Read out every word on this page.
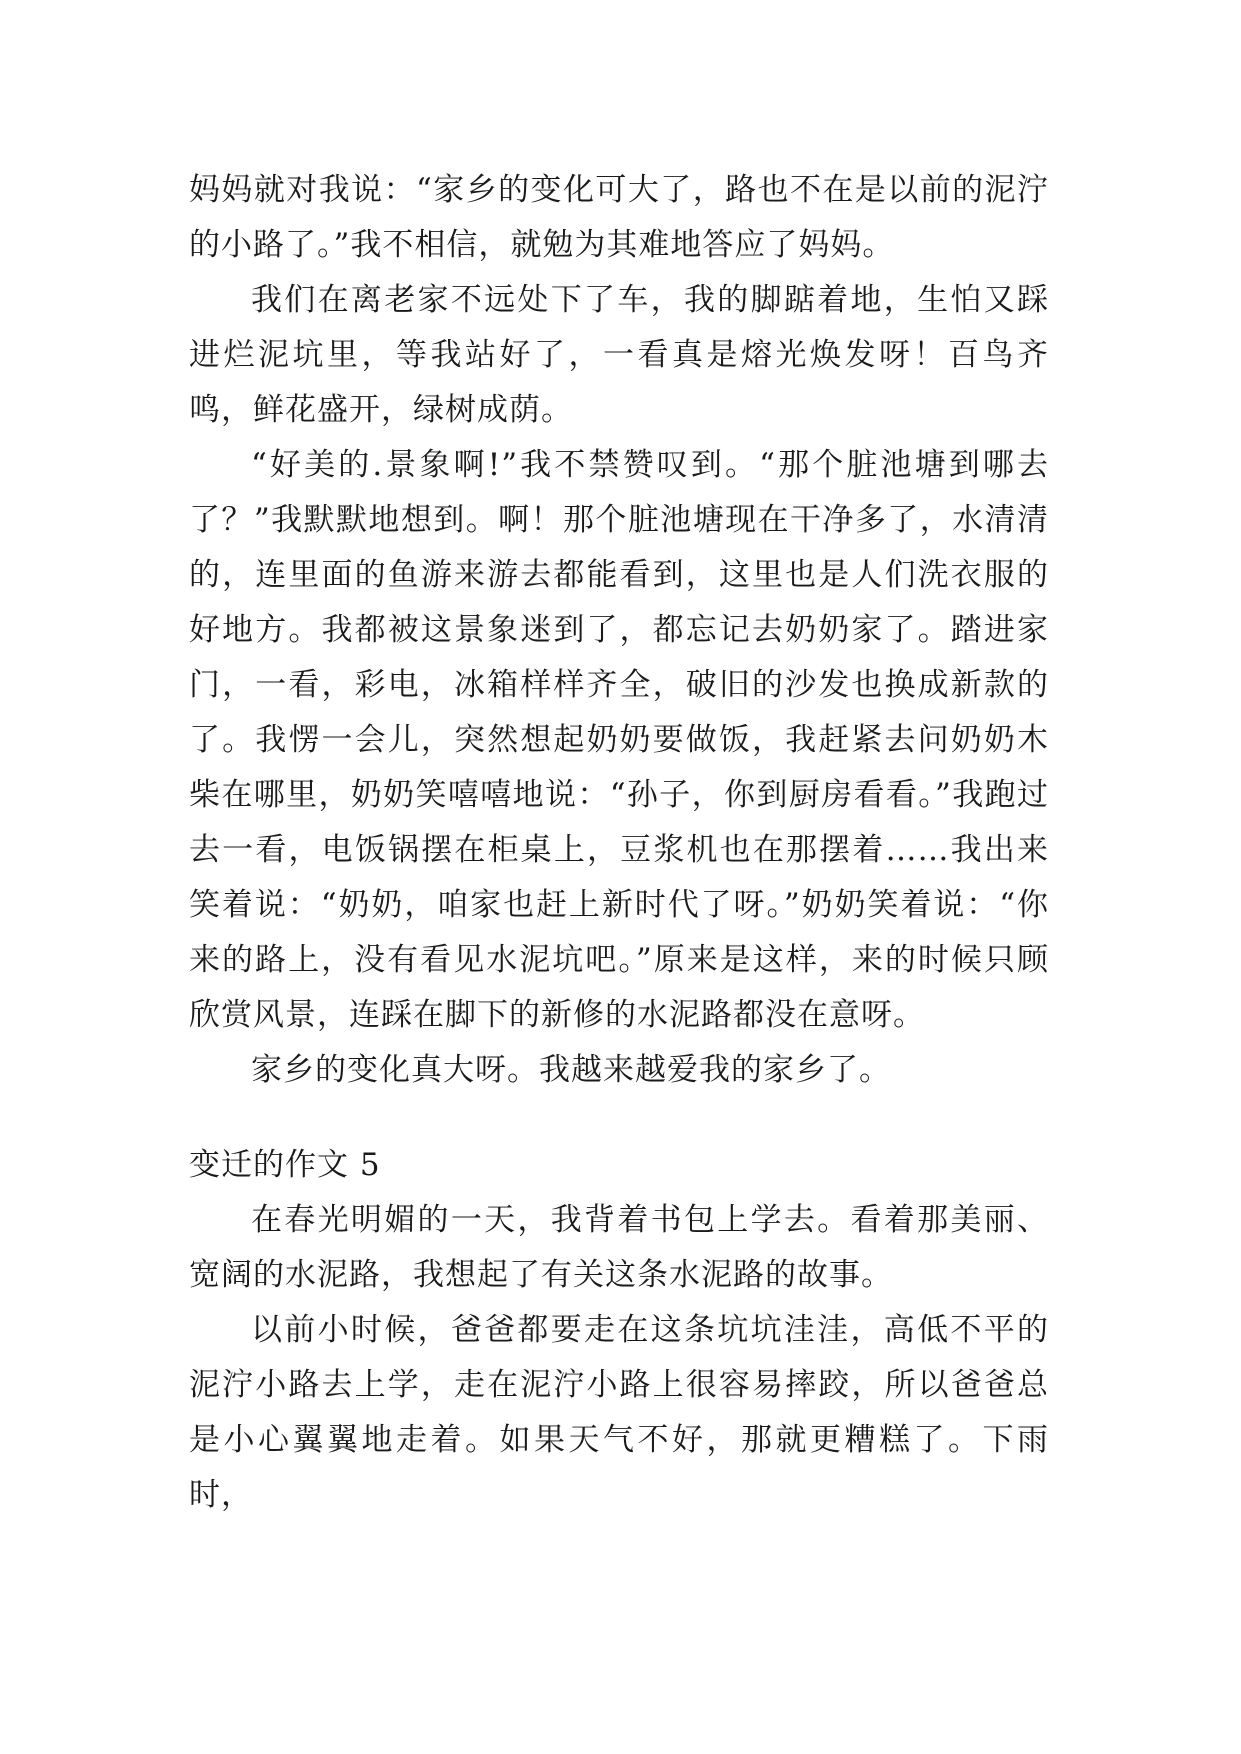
妈妈就对我说：“家乡的变化可大了，路也不在是以前的泥泞的小路了。”我不相信，就勉为其难地答应了妈妈。

我们在离老家不远处下了车，我的脚踮着地，生怕又踩进烂泥坑里，等我站好了，一看真是熔光焕发呀！百鸟齐鸣，鲜花盛开，绿树成荫。

“好美的.景象啊!”我不禁赞叹到。“那个脏池塘到哪去了？”我默默地想到。啊！那个脏池塘现在干净多了，水清清的，连里面的鱼游来游去都能看到，这里也是人们洗衣服的好地方。我都被这景象迷到了，都忘记去奶奶家了。踏进家门，一看，彩电，冰箱样样齐全，破旧的沙发也换成新款的了。我愣一会儿，突然想起奶奶要做饭，我赶紧去问奶奶木柴在哪里，奶奶笑嘻嘻地说：“孙子，你到厨房看看。”我跑过去一看，电饭锅摆在柜桌上，豆浆机也在那摆着……我出来笑着说：“奶奶，咱家也赶上新时代了呀。”奶奶笑着说：“你来的路上，没有看见水泥坑吧。”原来是这样，来的时候只顾欣赏风景，连踩在脚下的新修的水泥路都没在意呀。

家乡的变化真大呀。我越来越爱我的家乡了。

变迁的作文 5

在春光明媚的一天，我背着书包上学去。看着那美丽、宽阔的水泥路，我想起了有关这条水泥路的故事。

以前小时候，爸爸都要走在这条坑坑洼洼，高低不平的泥泞小路去上学，走在泥泞小路上很容易摔跤，所以爸爸总是小心翼翼地走着。如果天气不好，那就更糟糕了。下雨时，
